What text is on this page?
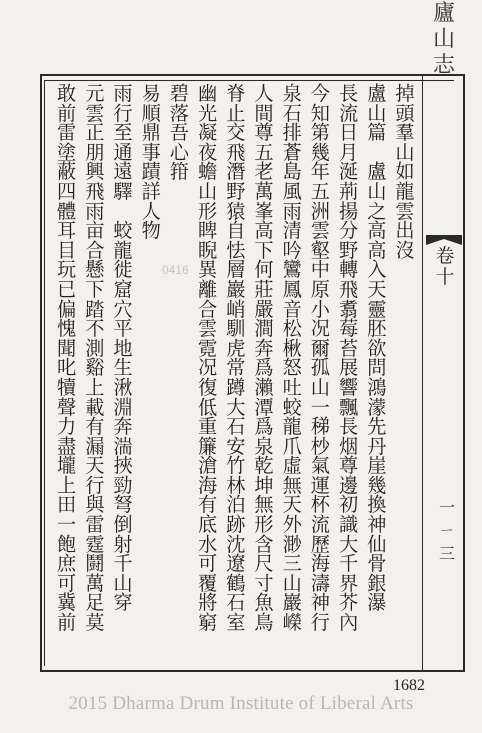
廬
山
志
卷
十
一ㄧ三
掉
頭
羣
山
如
龍
雲
出
沒
盧
山
篇

盧
山
之
高
高
入
天
靈
胚
欲
問
鴻
濛
先
丹
崖
幾
換
神
仙
骨
銀
瀑
長
流
日
月
涎
荊
揚
分
野
轉
飛
翥
莓
苔
展
響
飄
長
烟
尊
邊
初
識
大
千
界
芥
內
今
知
第
幾
年
五
洲
雲
壑
中
原
小
况
爾
孤
山
一
稊
杪
氣
運
杯
流
歷
海
濤
神
行
泉
石
排
蒼
島
風
雨
清
吟
鸞
鳳
音
松
楸
怒
吐
蛟
龍
爪
虛
無
天
外
渺
三
山
巖
嶸
人
間
尊
五
老
萬
峯
高
下
何
莊
嚴
澗
奔
爲
瀨
潭
爲
泉
乾
坤
無
形
含
尺
寸
魚
鳥
脊
止
交
飛
潛
野
猿
自
怯
層
巖
峭
馴
虎
常
蹲
大
石
安
竹
林
泊
跡
沈
遼
鶴
石
室
幽
光
凝
夜
蟾
山
形
睥
睨
異
離
合
雲
霓
况
復
低
重
簾
滄
海
有
底
水
可
覆
將
窮
碧
落
吾
心
箝
易
順
鼎
事
蹟
詳
人
物
雨
行
至
通
遠
驛

蛟
龍
徙
窟
穴
平
地
生
湫
淵
奔
湍
挾
勁
弩
倒
射
千
山
穿
元
雲
正
朋
興
飛
雨
亩
合
懸
下
踏
不
測
谿
上
載
有
漏
天
行
與
雷
霆
鬪
萬
足
莫
敢
前
雷
塗
蔽
四
體
耳
目
玩
已
偏
愧
聞
叱
犢
聲
力
盡
壠
上
田
一
飽
庶
可
冀
前
0416
1682
2015 Dharma Drum Institute of Liberal Arts
